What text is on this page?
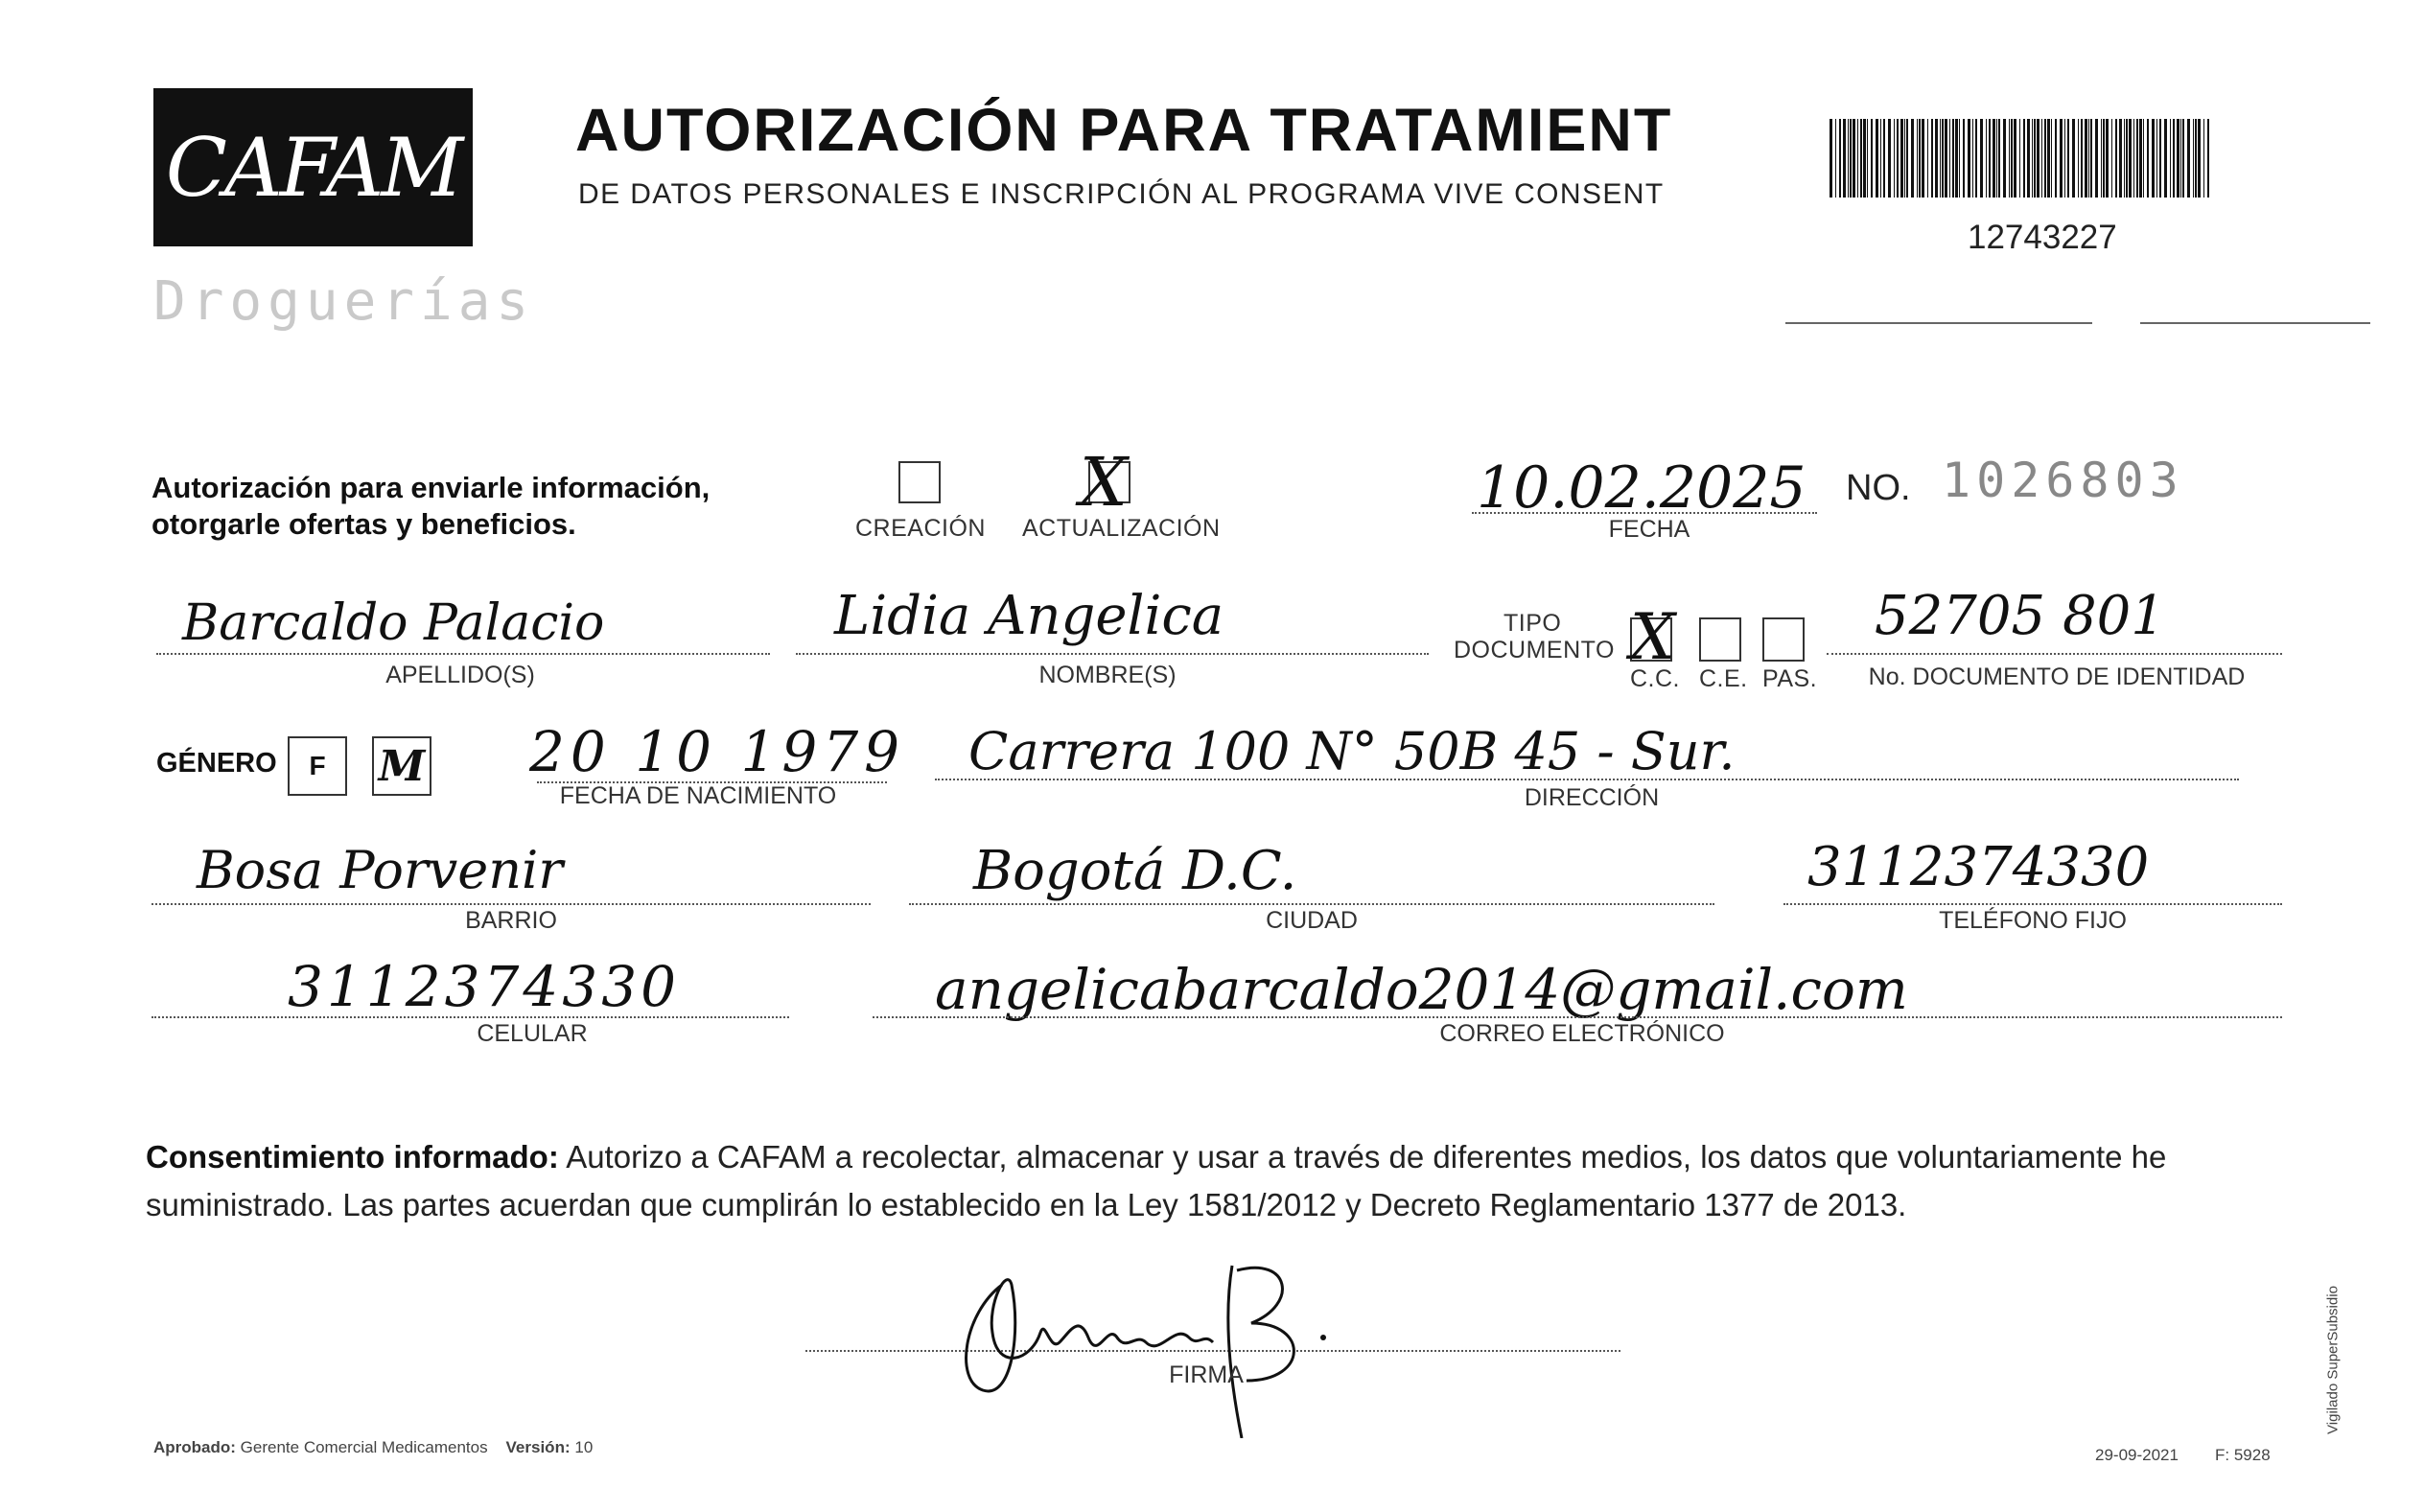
CAFAM
Droguerías
AUTORIZACIÓN PARA TRATAMIENT
DE DATOS PERSONALES E INSCRIPCIÓN AL PROGRAMA VIVE CONSENT
12743227
Autorización para enviarle información,
otorgarle ofertas y beneficios.	CREACIÓN
X
ACTUALIZACIÓN
10.02.2025
FECHA
NO. 1026803
Barcaldo Palacio
APELLIDO(S)
Lidia Angelica
NOMBRE(S)
TIPO
DOCUMENTO X
C.C. C.E. PAS.
52705 801
No. DOCUMENTO DE IDENTIDAD
GÉNERO F M 20 10 1979
FECHA DE NACIMIENTO
Carrera 100 N° 50B 45 - Sur.
DIRECCIÓN
Bosa Porvenir
BARRIO
Bogotá D.C.
CIUDAD
3112374330
TELÉFONO FIJO
3112374330
CELULAR
angelicabarcaldo2014@gmail.com
CORREO ELECTRÓNICO
Consentimiento informado: Autorizo a CAFAM a recolectar, almacenar y usar a través de diferentes medios, los datos que voluntariamente he suministrado. Las partes acuerdan que cumplirán lo establecido en la Ley 1581/2012 y Decreto Reglamentario 1377 de 2013.
FIRMA
Aprobado: Gerente Comercial Medicamentos Versión: 10	29-09-2021 F: 5928
Vigilado SuperSubsidio
